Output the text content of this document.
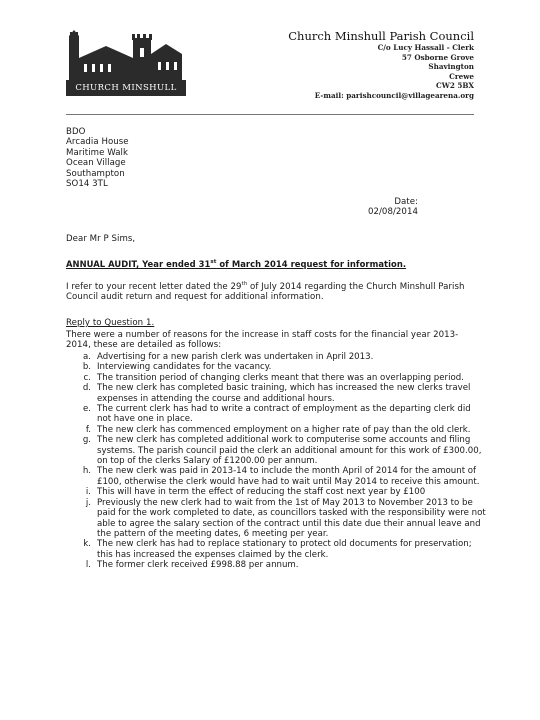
CHURCH MINSHULL
Church Minshull Parish Council
C/o Lucy Hassall - Clerk
57 Osborne Grove
Shavington
Crewe
CW2 5BX
E-mail: parishcouncil@villagearena.org
BDO
Arcadia House
Maritime Walk
Ocean Village
Southampton
SO14 3TL
Date:
02/08/2014
Dear Mr P Sims,
ANNUAL AUDIT, Year ended 31st of March 2014 request for information.
I refer to your recent letter dated the 29th of July 2014 regarding the Church Minshull Parish Council audit return and request for additional information.
Reply to Question 1.
There were a number of reasons for the increase in staff costs for the financial year 2013-2014, these are detailed as follows:
a. Advertising for a new parish clerk was undertaken in April 2013.
b. Interviewing candidates for the vacancy.
c. The transition period of changing clerks meant that there was an overlapping period.
d. The new clerk has completed basic training, which has increased the new clerks travel expenses in attending the course and additional hours.
e. The current clerk has had to write a contract of employment as the departing clerk did not have one in place.
f. The new clerk has commenced employment on a higher rate of pay than the old clerk.
g. The new clerk has completed additional work to computerise some accounts and filing systems. The parish council paid the clerk an additional amount for this work of £300.00, on top of the clerks Salary of £1200.00 per annum.
h. The new clerk was paid in 2013-14 to include the month April of 2014 for the amount of £100, otherwise the clerk would have had to wait until May 2014 to receive this amount.
i. This will have in term the effect of reducing the staff cost next year by £100
j. Previously the new clerk had to wait from the 1st of May 2013 to November 2013 to be paid for the work completed to date, as councillors tasked with the responsibility were not able to agree the salary section of the contract until this date due their annual leave and the pattern of the meeting dates, 6 meeting per year.
k. The new clerk has had to replace stationary to protect old documents for preservation; this has increased the expenses claimed by the clerk.
l. The former clerk received £998.88 per annum.
